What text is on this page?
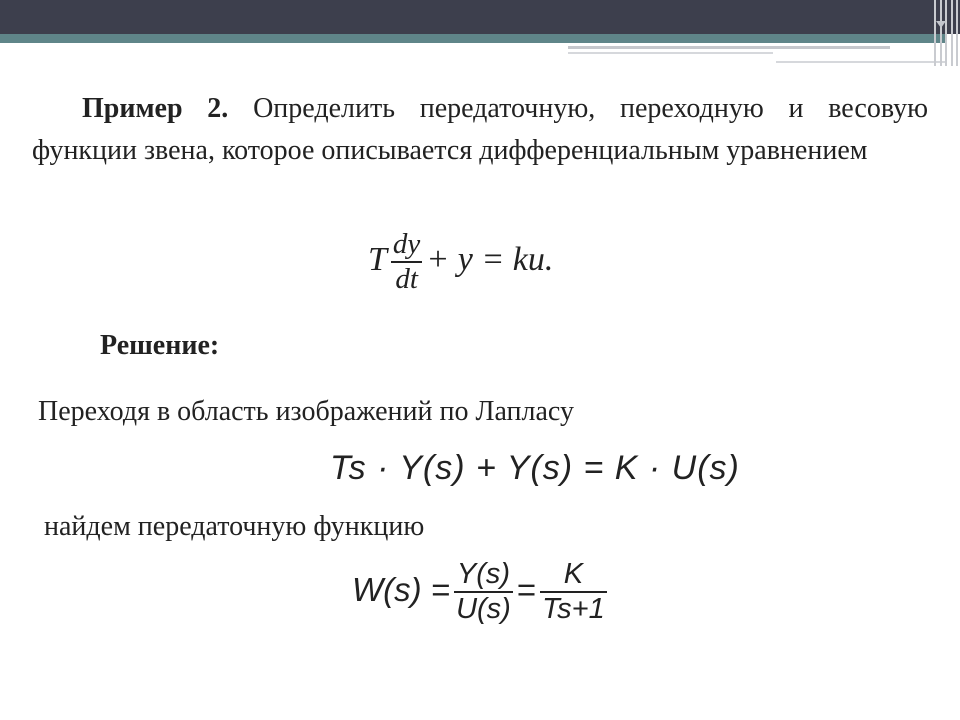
Пример 2. Определить передаточную, переходную и весовую функции звена, которое описывается дифференциальным уравнением

T $\frac{dy}{dt} + y$ = ku.

Решение:

Переходя в область изображений по Лапласу

Ts · Y(s) + Y(s) = K · U(s)

найдем передаточную функцию

$W(s) = \frac{Y(s)}{U(s)} = \frac{K}{Ts+1}$
